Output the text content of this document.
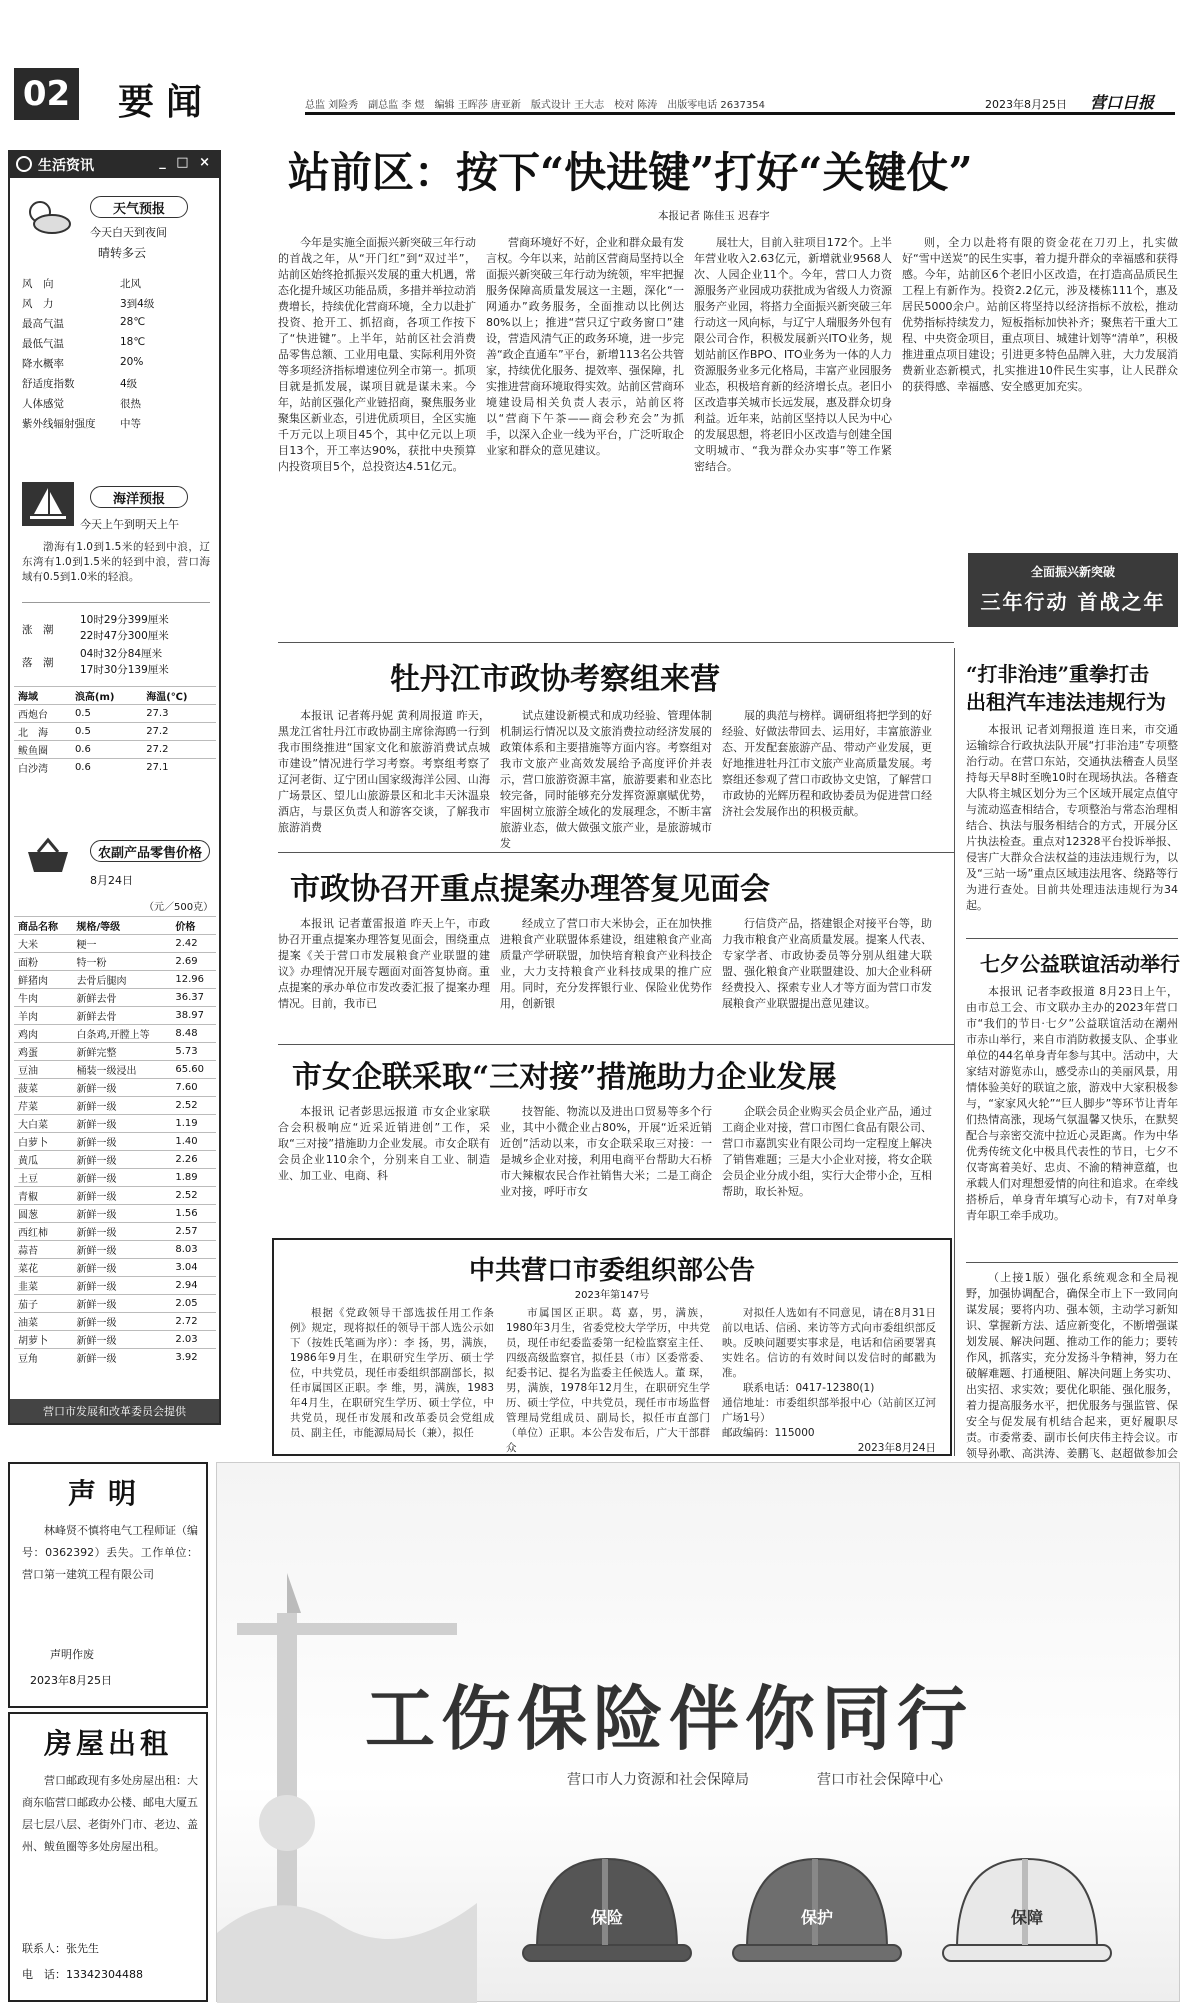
02 要闻	总监 刘险秀　副总监 李 煜　编辑 王晖莎 唐亚新　版式设计 王大志　校对 陈涛　出版零电话 2637354	2023年8月25日 营口日报
生活资讯	_ □ ×
天气预报
今天白天到夜间
晴转多云
风　向	北风
风　力	3到4级
最高气温	28℃
最低气温	18℃
降水概率	20%
舒适度指数	4级
人体感觉	很热
紫外线辐射强度 中等
海洋预报
今天上午到明天上午

渤海有1.0到1.5米的轻到中浪，辽东湾有1.0到1.5米的轻到中浪，营口海域有0.5到1.0米的轻浪。

涨　潮
10时29分399厘米
22时47分300厘米
落　潮
04时32分84厘米
17时30分139厘米
海域	浪高(m)	海温(℃)
西炮台	0.5	27.3
北　海	0.5	27.2
鲅鱼圈	0.6	27.2
白沙湾	0.6	27.1
农副产品零售价格
8月24日
（元／500克）
商品名称	规格/等级	价格
大米	粳一	2.42
面粉	特一粉	2.69
鲜猪肉	去骨后腿肉	12.96
牛肉	新鲜去骨	36.37
羊肉	新鲜去骨	38.97
鸡肉	白条鸡,开膛上等	8.48
鸡蛋	新鲜完整	5.73
豆油	桶装一级浸出	65.60
菠菜	新鲜一级	7.60
芹菜	新鲜一级	2.52
大白菜	新鲜一级	1.19
白萝卜	新鲜一级	1.40
黄瓜	新鲜一级	2.26
土豆	新鲜一级	1.89
青椒	新鲜一级	2.52
圆葱	新鲜一级	1.56
西红柿	新鲜一级	2.57
蒜苔	新鲜一级	8.03
菜花	新鲜一级	3.04
韭菜	新鲜一级	2.94
茄子	新鲜一级	2.05
油菜	新鲜一级	2.72
胡萝卜	新鲜一级	2.03
豆角	新鲜一级	3.92
营口市发展和改革委员会提供
站前区：按下“快进键”打好“关键仗”
本报记者 陈佳玉 迟春宇

今年是实施全面振兴新突破三年行动的首战之年，从“开门红”到“双过半”，站前区始终抢抓振兴发展的重大机遇，常态化提升域区功能品质，多措并举拉动消费增长，持续优化营商环境，全力以赴扩投资、抢开工、抓招商，各项工作按下了“快进键”。上半年，站前区社会消费品零售总额、工业用电量、实际利用外资等多项经济指标增速位列全市第一。抓项目就是抓发展，谋项目就是谋未来。今年，站前区强化产业链招商，聚焦服务业聚集区新业态，引进优质项目，全区实施千万元以上项目45个，其中亿元以上项目13个，开工率达90%，获批中央预算内投资项目5个，总投资达4.51亿元。

营商环境好不好，企业和群众最有发言权。今年以来，站前区营商局坚持以全面振兴新突破三年行动为统领，牢牢把握服务保障高质量发展这一主题，深化“一网通办”政务服务，全面推动以比例达80%以上；推进“营只辽宁政务窗口”建设，营造风清气正的政务环境，进一步完善“政企直通车”平台，新增113名公共管家，持续优化服务、提效率、强保障，扎实推进营商环境取得实效。站前区营商环境建设局相关负责人表示，站前区将以“营商下午茶——商会秒充会”为抓手，以深入企业一线为平台，广泛听取企业家和群众的意见建议。

展壮大，目前入驻项目172个。上半年营业收入2.63亿元，新增就业9568人次、人园企业11个。今年，营口人力资源服务产业园成功获批成为省级人力资源服务产业园，将搭力全面振兴新突破三年行动这一风向标，与辽宁人瑞服务外包有限公司合作，积极发展新兴ITO业务，规划站前区作BPO、ITO业务为一体的人力资源服务业多元化格局，丰富产业园服务业态，积极培育新的经济增长点。老旧小区改造事关城市长远发展，惠及群众切身利益。近年来，站前区坚持以人民为中心的发展思想，将老旧小区改造与创建全国文明城市、“我为群众办实事”等工作紧密结合。

则，全力以赴将有限的资金花在刀刃上，扎实做好“雪中送炭”的民生实事，着力提升群众的幸福感和获得感。今年，站前区6个老旧小区改造，在打造高品质民生工程上有新作为。投资2.2亿元，涉及楼栋111个，惠及居民5000余户。站前区将坚持以经济指标不放松，推动优势指标持续发力，短板指标加快补齐；聚焦若干重大工程、中央资金项目，重点项目、城建计划等“清单”，积极推进重点项目建设；引进更多特色品牌入驻，大力发展消费新业态新模式，扎实推进10件民生实事，让人民群众的获得感、幸福感、安全感更加充实。

全面振兴新突破
三年行动 首战之年
牡丹江市政协考察组来营

本报讯 记者蒋丹妮 黄利周报道 昨天，黑龙江省牡丹江市政协副主席徐海鸥一行到我市围绕推进“国家文化和旅游消费试点城市建设”情况进行学习考察。考察组考察了辽河老街、辽宁团山国家级海洋公园、山海广场景区、望儿山旅游景区和北丰天沐温泉酒店，与景区负责人和游客交谈，了解我市旅游消费

试点建设新模式和成功经验、管理体制机制运行情况以及文旅消费拉动经济发展的政策体系和主要措施等方面内容。考察组对我市文旅产业高效发展给予高度评价并表示，营口旅游资源丰富，旅游要素和业态比较完备，同时能够充分发挥资源禀赋优势，牢固树立旅游全域化的发展理念，不断丰富旅游业态，做大做强文旅产业，是旅游城市发

展的典范与榜样。调研组将把学到的好经验、好做法带回去、运用好，丰富旅游业态、开发配套旅游产品、带动产业发展，更好地推进牡丹江市文旅产业高质量发展。考察组还参观了营口市政协文史馆，了解营口市政协的光辉历程和政协委员为促进营口经济社会发展作出的积极贡献。

市政协召开重点提案办理答复见面会

本报讯 记者董雷报道 昨天上午，市政协召开重点提案办理答复见面会，围绕重点提案《关于营口市发展粮食产业联盟的建议》办理情况开展专题面对面答复协商。重点提案的承办单位市发改委汇报了提案办理情况。目前，我市已

经成立了营口市大米协会，正在加快推进粮食产业联盟体系建设，组建粮食产业高质量产学研联盟，加快培育粮食产业科技企业，大力支持粮食产业科技成果的推广应用。同时，充分发挥银行业、保险业优势作用，创新银

行信贷产品，搭建银企对接平台等，助力我市粮食产业高质量发展。提案人代表、专家学者、市政协委员等分别从组建大联盟、强化粮食产业联盟建设、加大企业科研经费投入、探索专业人才等方面为营口市发展粮食产业联盟提出意见建议。

市女企联采取“三对接”措施助力企业发展

本报讯 记者彭思远报道 市女企业家联合会积极响应“近采近销进创”工作，采取“三对接”措施助力企业发展。市女企联有会员企业110余个，分别来自工业、制造业、加工业、电商、科

技智能、物流以及进出口贸易等多个行业，其中小微企业占80%，开展“近采近销近创”活动以来，市女企联采取三对接：一是城乡企业对接，利用电商平台帮助大石桥市大辣椒农民合作社销售大米；二是工商企业对接，呼吁市女

企联会员企业购买会员企业产品，通过工商企业对接，营口市图仁食品有限公司、营口市嘉凯实业有限公司均一定程度上解决了销售难题；三是大小企业对接，将女企联会员企业分成小组，实行大企带小企，互相帮助，取长补短。

中共营口市委组织部公告
2023年第147号

根据《党政领导干部选拔任用工作条例》规定，现将拟任的领导干部人选公示如下（按姓氏笔画为序）：李 扬，男，满族，1986年9月生，在职研究生学历、硕士学位，中共党员，现任市委组织部副部长，拟任市属国区正职。李 维，男，满族，1983年4月生，在职研究生学历、硕士学位，中共党员，现任市发展和改革委员会党组成员、副主任，市能源局局长（兼），拟任

市属国区正职。葛 嘉，男，满族，1980年3月生，省委党校大学学历，中共党员，现任市纪委监委第一纪检监察室主任、四级高级监察官，拟任县（市）区委常委、纪委书记、提名为监委主任候选人。董 琛，男，满族，1978年12月生，在职研究生学历、硕士学位，中共党员，现任市市场监督管理局党组成员、副局长，拟任市直部门（单位）正职。本公告发布后，广大干部群众

对拟任人选如有不同意见，请在8月31日前以电话、信函、来访等方式向市委组织部反映。反映问题要实事求是，电话和信函要署真实姓名。信访的有效时间以发信时的邮戳为准。

联系电话：0417-12380(1)
通信地址：市委组织部举报中心（站前区辽河广场1号）
邮政编码：115000
2023年8月24日
“打非治违”重拳打击
出租汽车违法违规行为

本报讯 记者刘翔报道 连日来，市交通运输综合行政执法队开展“打非治违”专项整治行动。在营口东站，交通执法稽查人员坚持每天早8时至晚10时在现场执法。各稽查大队将主城区划分为三个区域开展定点值守与流动巡查相结合，专项整治与常态治理相结合、执法与服务相结合的方式，开展分区片执法检查。重点对12328平台投诉举报、侵害广大群众合法权益的违法违规行为，以及“三站一场”重点区域违法甩客、绕路等行为进行查处。目前共处理违法违规行为34起。

七夕公益联谊活动举行

本报讯 记者李政报道 8月23日上午，由市总工会、市文联办主办的2023年营口市“我们的节日·七夕”公益联谊活动在潮州市赤山举行，来自市消防救援支队、企事业单位的44名单身青年参与其中。活动中，大家结对游览赤山，感受赤山的美丽风景，用情体验美好的联谊之旅，游戏中大家积极参与，“家家风火轮”“巨人脚步”等环节让青年们热情高涨，现场气氛温馨又快乐，在默契配合与亲密交流中拉近心灵距离。作为中华优秀传统文化中极具代表性的节日，七夕不仅寄寓着美好、忠贞、不渝的精神意蕴，也承载人们对理想爱情的向往和追求。在牵线搭桥后，单身青年填写心动卡，有7对单身青年职工牵手成功。

（上接1版）强化系统观念和全局视野，加强协调配合，确保全市上下一致同向谋发展；要将内功、强本领，主动学习新知识、掌握新方法、适应新变化，不断增强谋划发展、解决问题、推动工作的能力；要转作风，抓落实，充分发扬斗争精神，努力在破解难题、打通梗阻、解决问题上务实功、出实招、求实效；要优化职能、强化服务，着力提高服务水平，把优服务与强监管、保安全与促发展有机结合起来，更好履职尽责。市委常委、副市长何庆伟主持会议。市领导孙歌、高洪涛、姜鹏飞、赵超做参加会

声明

林峰贤不慎将电气工程师证（编号：0362392）丢失。工作单位：营口第一建筑工程有限公司

声明作废
2023年8月25日
房屋出租

营口邮政现有多处房屋出租：大商东临营口邮政办公楼、邮电大厦五层七层八层、老街外门市、老边、盖州、鲅鱼圈等多处房屋出租。

联系人：张先生
电　话：13342304488
工伤保险伴你同行
营口市人力资源和社会保障局	营口市社会保障中心
保险	保护	保障
